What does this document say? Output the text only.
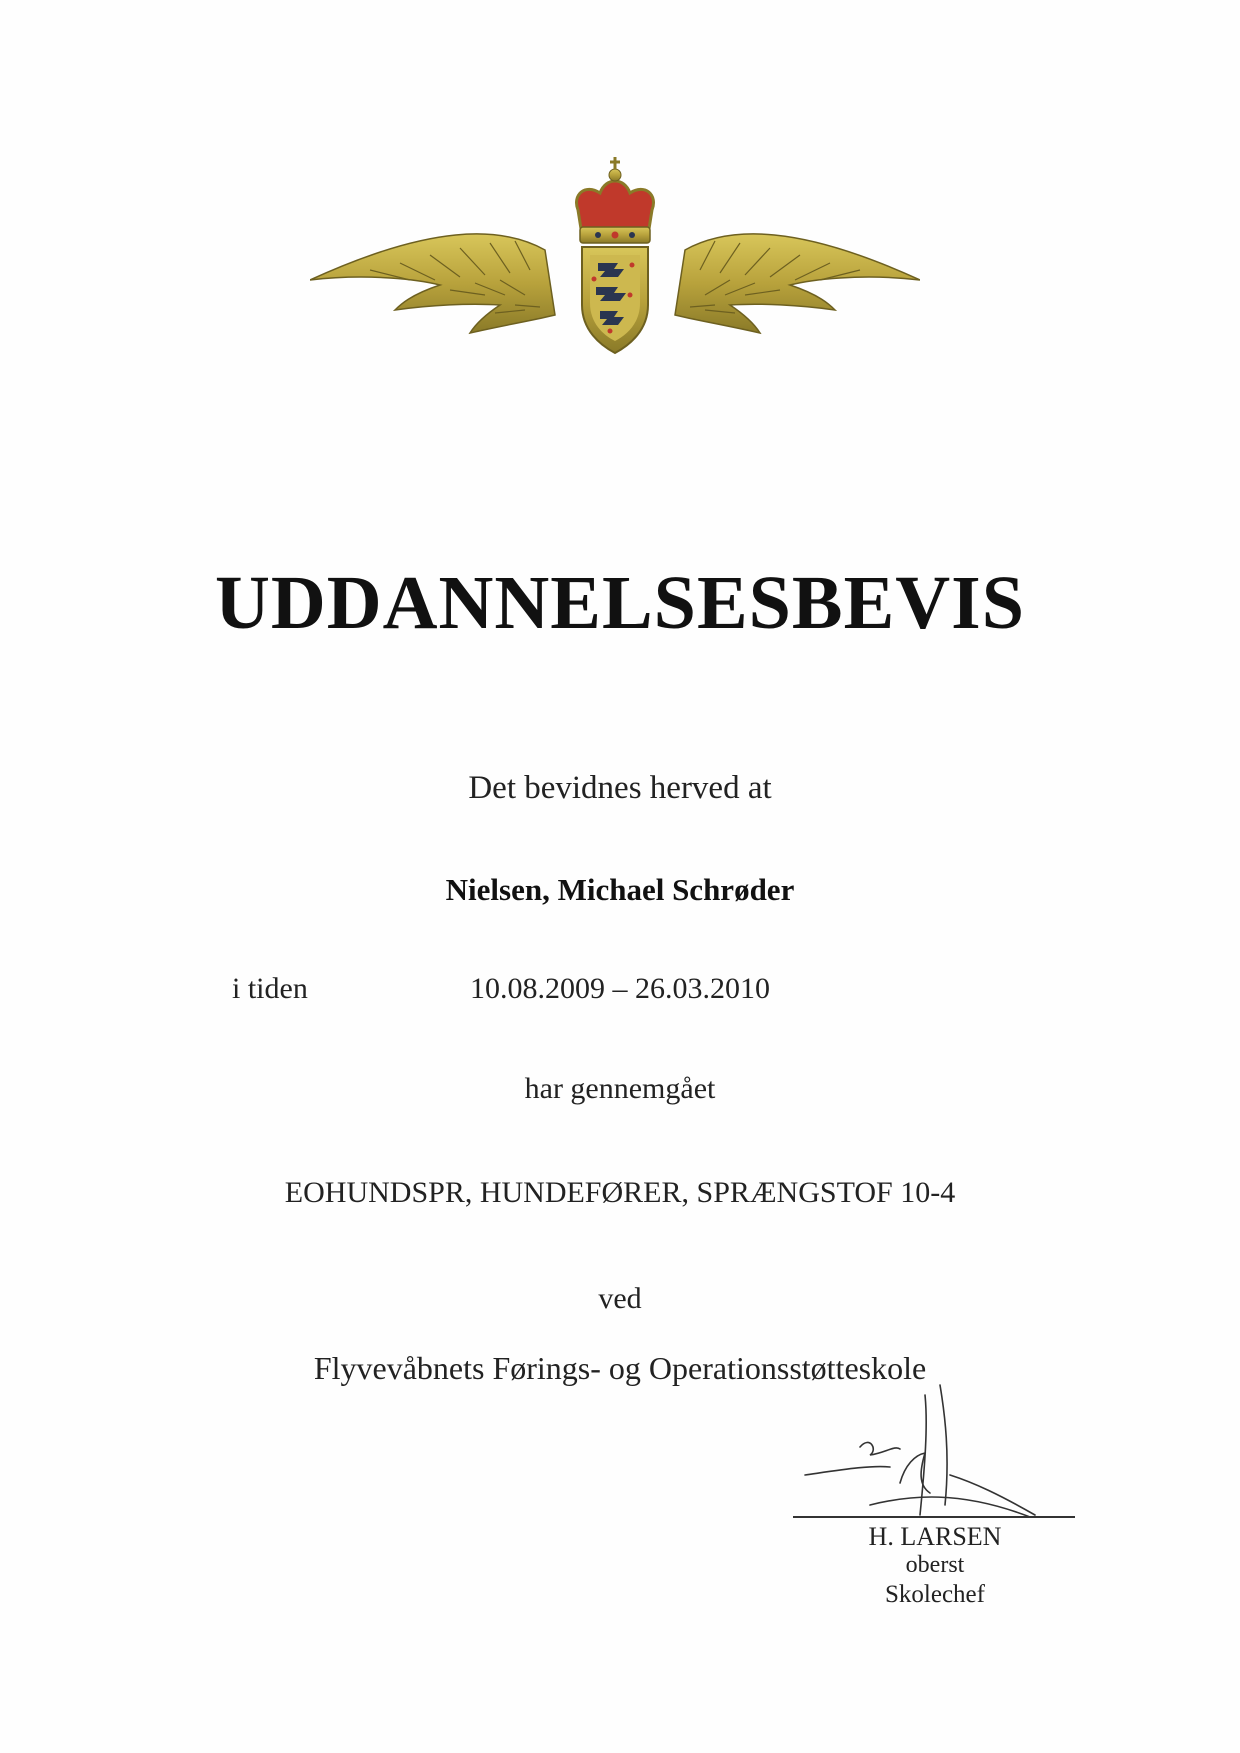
UDDANNELSESBEVIS
Det bevidnes herved at
Nielsen, Michael Schrøder
i tiden	10.08.2009 – 26.03.2010
har gennemgået
EOHUNDSPR, HUNDEFØRER, SPRÆNGSTOF 10-4
ved
Flyvevåbnets Førings- og Operationsstøtteskole
H. LARSEN
oberst
Skolechef
